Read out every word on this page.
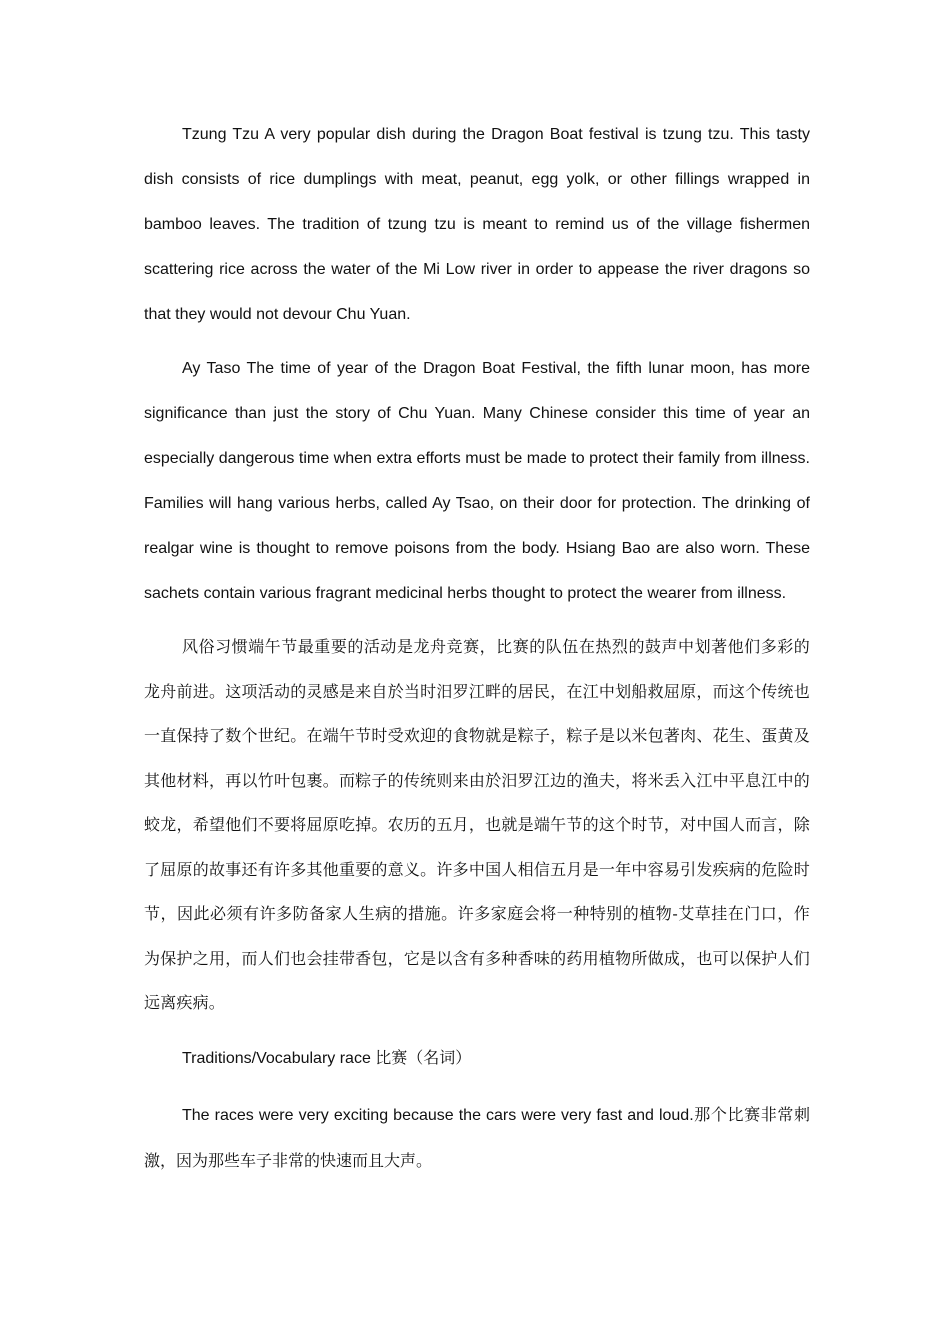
Tzung Tzu A very popular dish during the Dragon Boat festival is tzung tzu. This tasty dish consists of rice dumplings with meat, peanut, egg yolk, or other fillings wrapped in bamboo leaves. The tradition of tzung tzu is meant to remind us of the village fishermen scattering rice across the water of the Mi Low river in order to appease the river dragons so that they would not devour Chu Yuan.

Ay Taso The time of year of the Dragon Boat Festival, the fifth lunar moon, has more significance than just the story of Chu Yuan. Many Chinese consider this time of year an especially dangerous time when extra efforts must be made to protect their family from illness. Families will hang various herbs, called Ay Tsao, on their door for protection. The drinking of realgar wine is thought to remove poisons from the body. Hsiang Bao are also worn. These sachets contain various fragrant medicinal herbs thought to protect the wearer from illness.

风俗习惯端午节最重要的活动是龙舟竞赛，比赛的队伍在热烈的鼓声中划著他们多彩的龙舟前进。这项活动的灵感是来自於当时汨罗江畔的居民，在江中划船救屈原，而这个传统也一直保持了数个世纪。在端午节时受欢迎的食物就是粽子，粽子是以米包著肉、花生、蛋黄及其他材料，再以竹叶包裹。而粽子的传统则来由於汨罗江边的渔夫，将米丢入江中平息江中的蛟龙，希望他们不要将屈原吃掉。农历的五月，也就是端午节的这个时节，对中国人而言，除了屈原的故事还有许多其他重要的意义。许多中国人相信五月是一年中容易引发疾病的危险时节，因此必须有许多防备家人生病的措施。许多家庭会将一种特别的植物-艾草挂在门口，作为保护之用，而人们也会挂带香包，它是以含有多种香味的药用植物所做成，也可以保护人们远离疾病。

Traditions/Vocabulary race 比赛（名词）

The races were very exciting because the cars were very fast and loud.那个比赛非常刺激，因为那些车子非常的快速而且大声。
